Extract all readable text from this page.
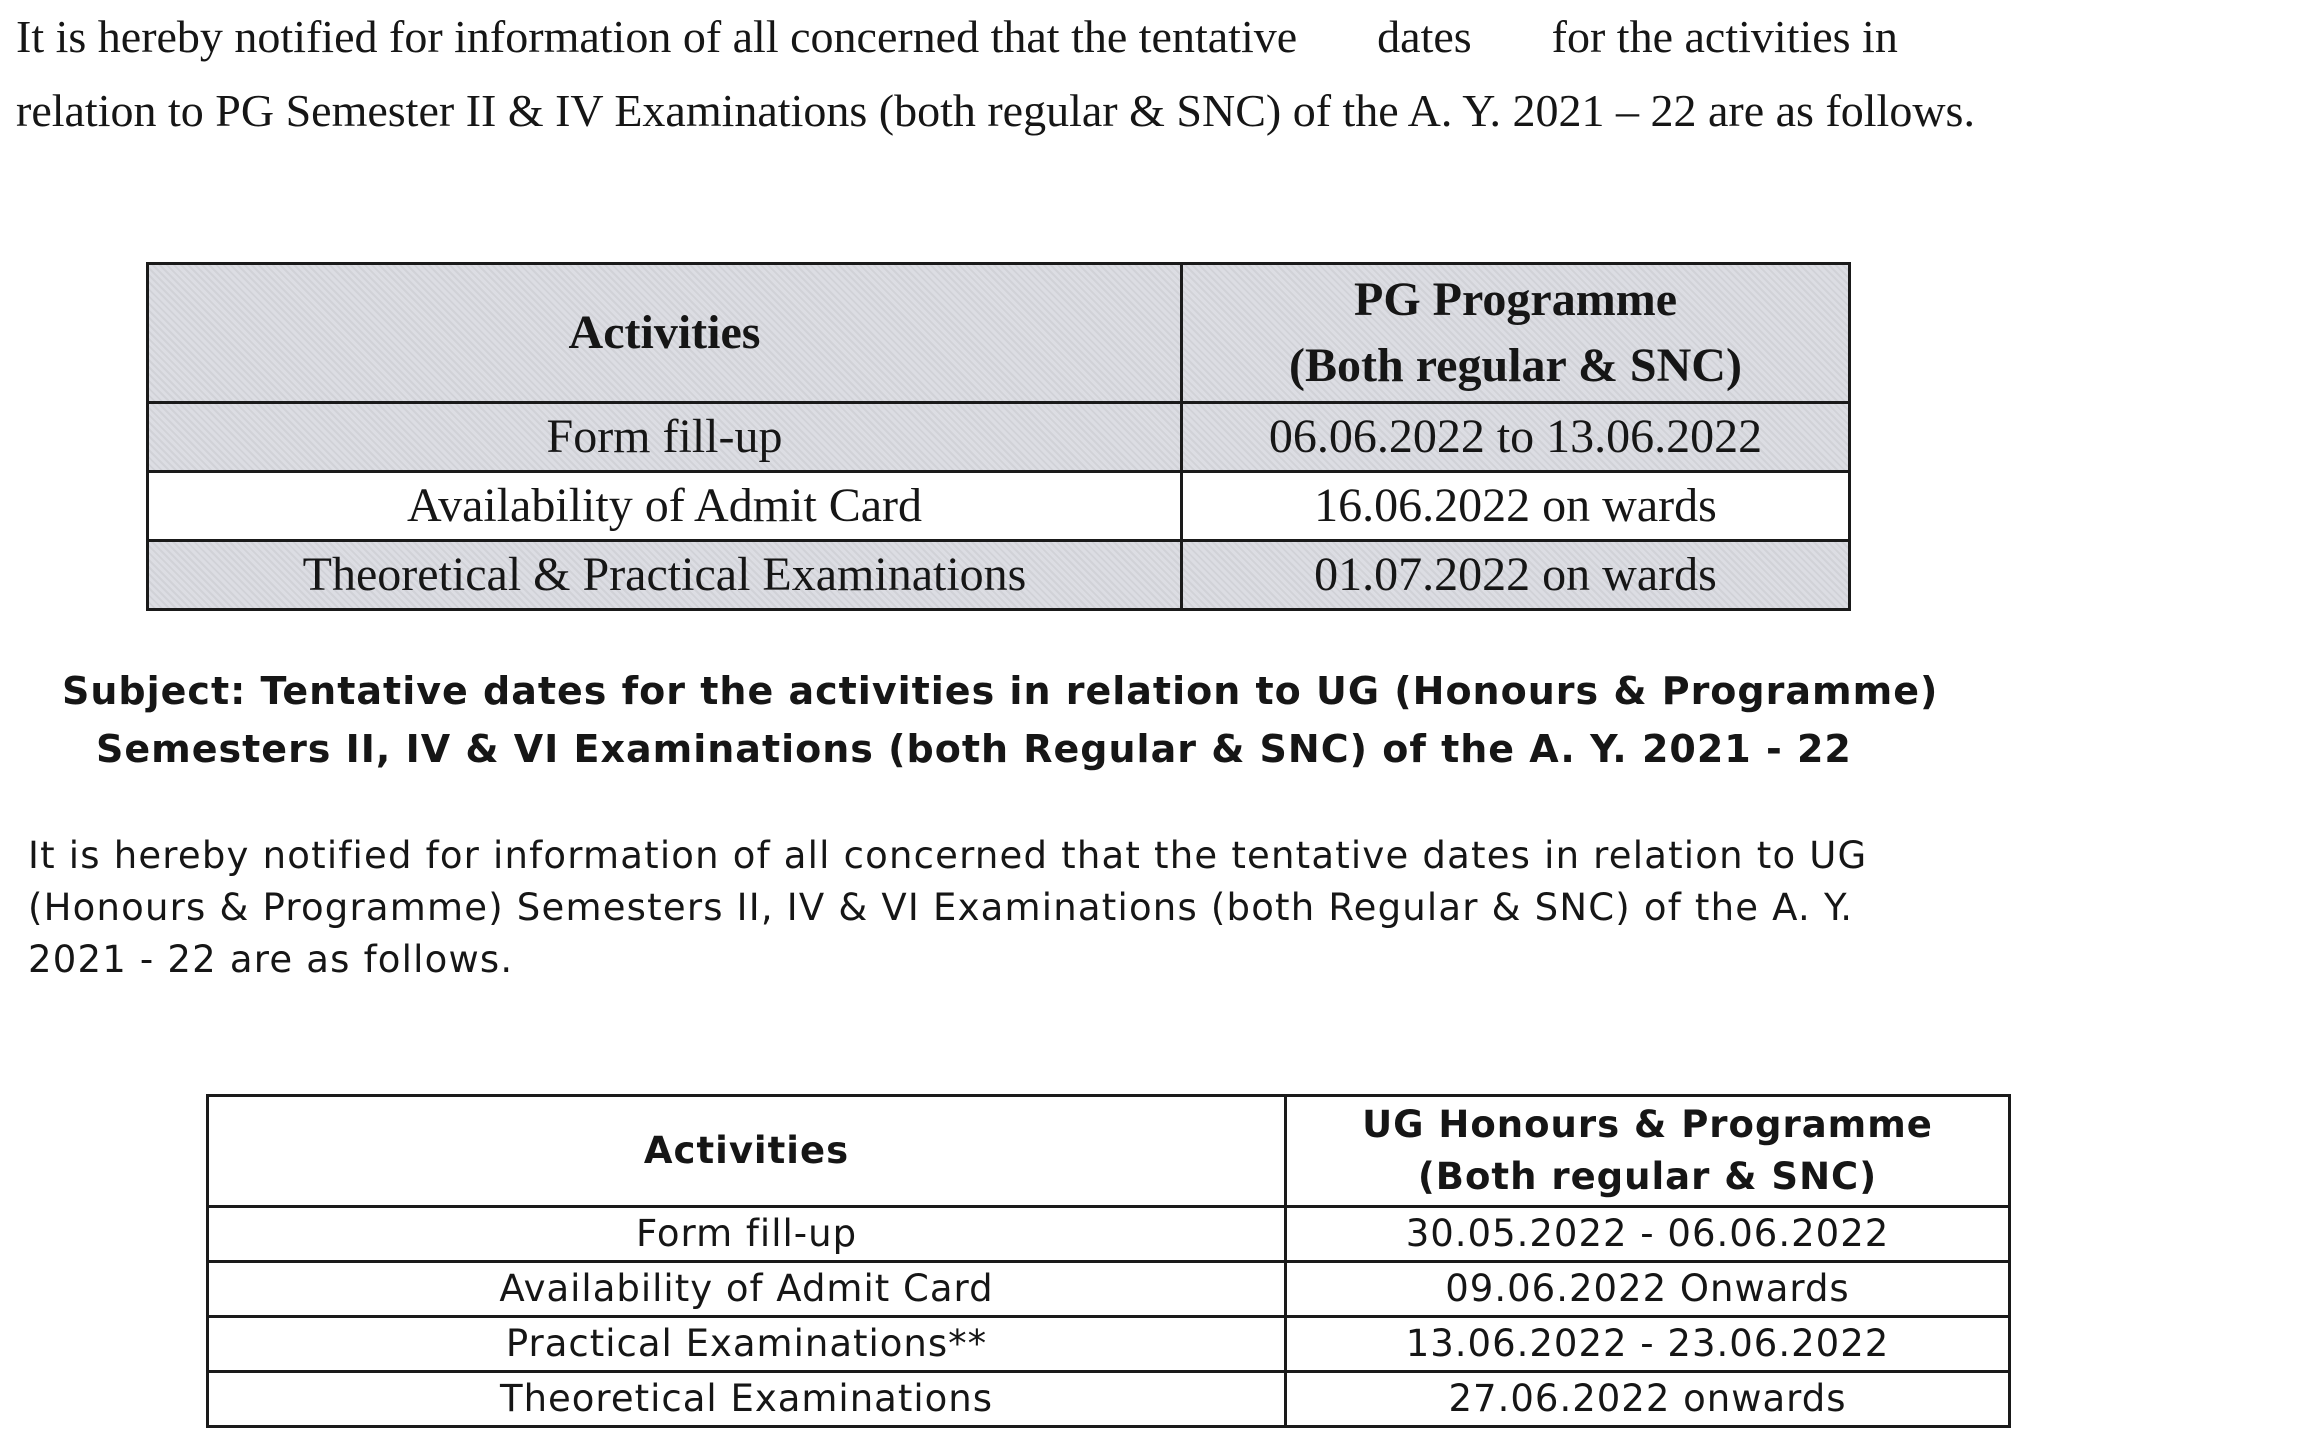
It is hereby notified for information of all concerned that the tentative dates for the activities in
relation to PG Semester II & IV Examinations (both regular & SNC) of the A. Y. 2021 – 22 are as follows.
Activities	PG Programme
(Both regular & SNC)

Form fill-up	06.06.2022 to 13.06.2022
Availability of Admit Card	16.06.2022 on wards
Theoretical & Practical Examinations	01.07.2022 on wards
Subject: Tentative dates for the activities in relation to UG (Honours & Programme)
Semesters II, IV & VI Examinations (both Regular & SNC) of the A. Y. 2021 - 22
It is hereby notified for information of all concerned that the tentative dates in relation to UG
(Honours & Programme) Semesters II, IV & VI Examinations (both Regular & SNC) of the A. Y.
2021 - 22 are as follows.
Activities	UG Honours & Programme
(Both regular & SNC)

Form fill-up	30.05.2022 - 06.06.2022
Availability of Admit Card	09.06.2022 Onwards
Practical Examinations**	13.06.2022 - 23.06.2022
Theoretical Examinations	27.06.2022 onwards
